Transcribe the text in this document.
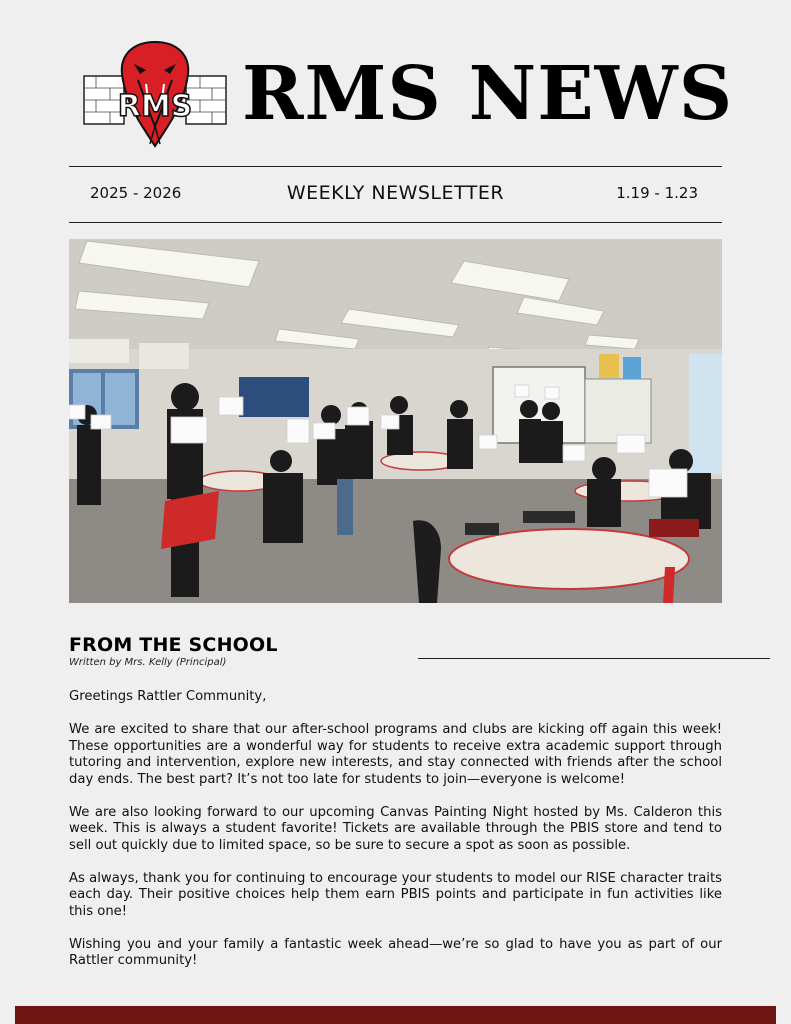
RMS RMS NEWS
2025 - 2026	WEEKLY NEWSLETTER	1.19 - 1.23
FROM THE SCHOOL
Written by Mrs. Kelly (Principal)

Greetings Rattler Community,

We are excited to share that our after-school programs and clubs are kicking off again this week! These opportunities are a wonderful way for students to receive extra academic support through tutoring and intervention, explore new interests, and stay connected with friends after the school day ends. The best part? It’s not too late for students to join—everyone is welcome!

We are also looking forward to our upcoming Canvas Painting Night hosted by Ms. Calderon this week. This is always a student favorite! Tickets are available through the PBIS store and tend to sell out quickly due to limited space, so be sure to secure a spot as soon as possible.

As always, thank you for continuing to encourage your students to model our RISE character traits each day. Their positive choices help them earn PBIS points and participate in fun activities like this one!

Wishing you and your family a fantastic week ahead—we’re so glad to have you as part of our Rattler community!
